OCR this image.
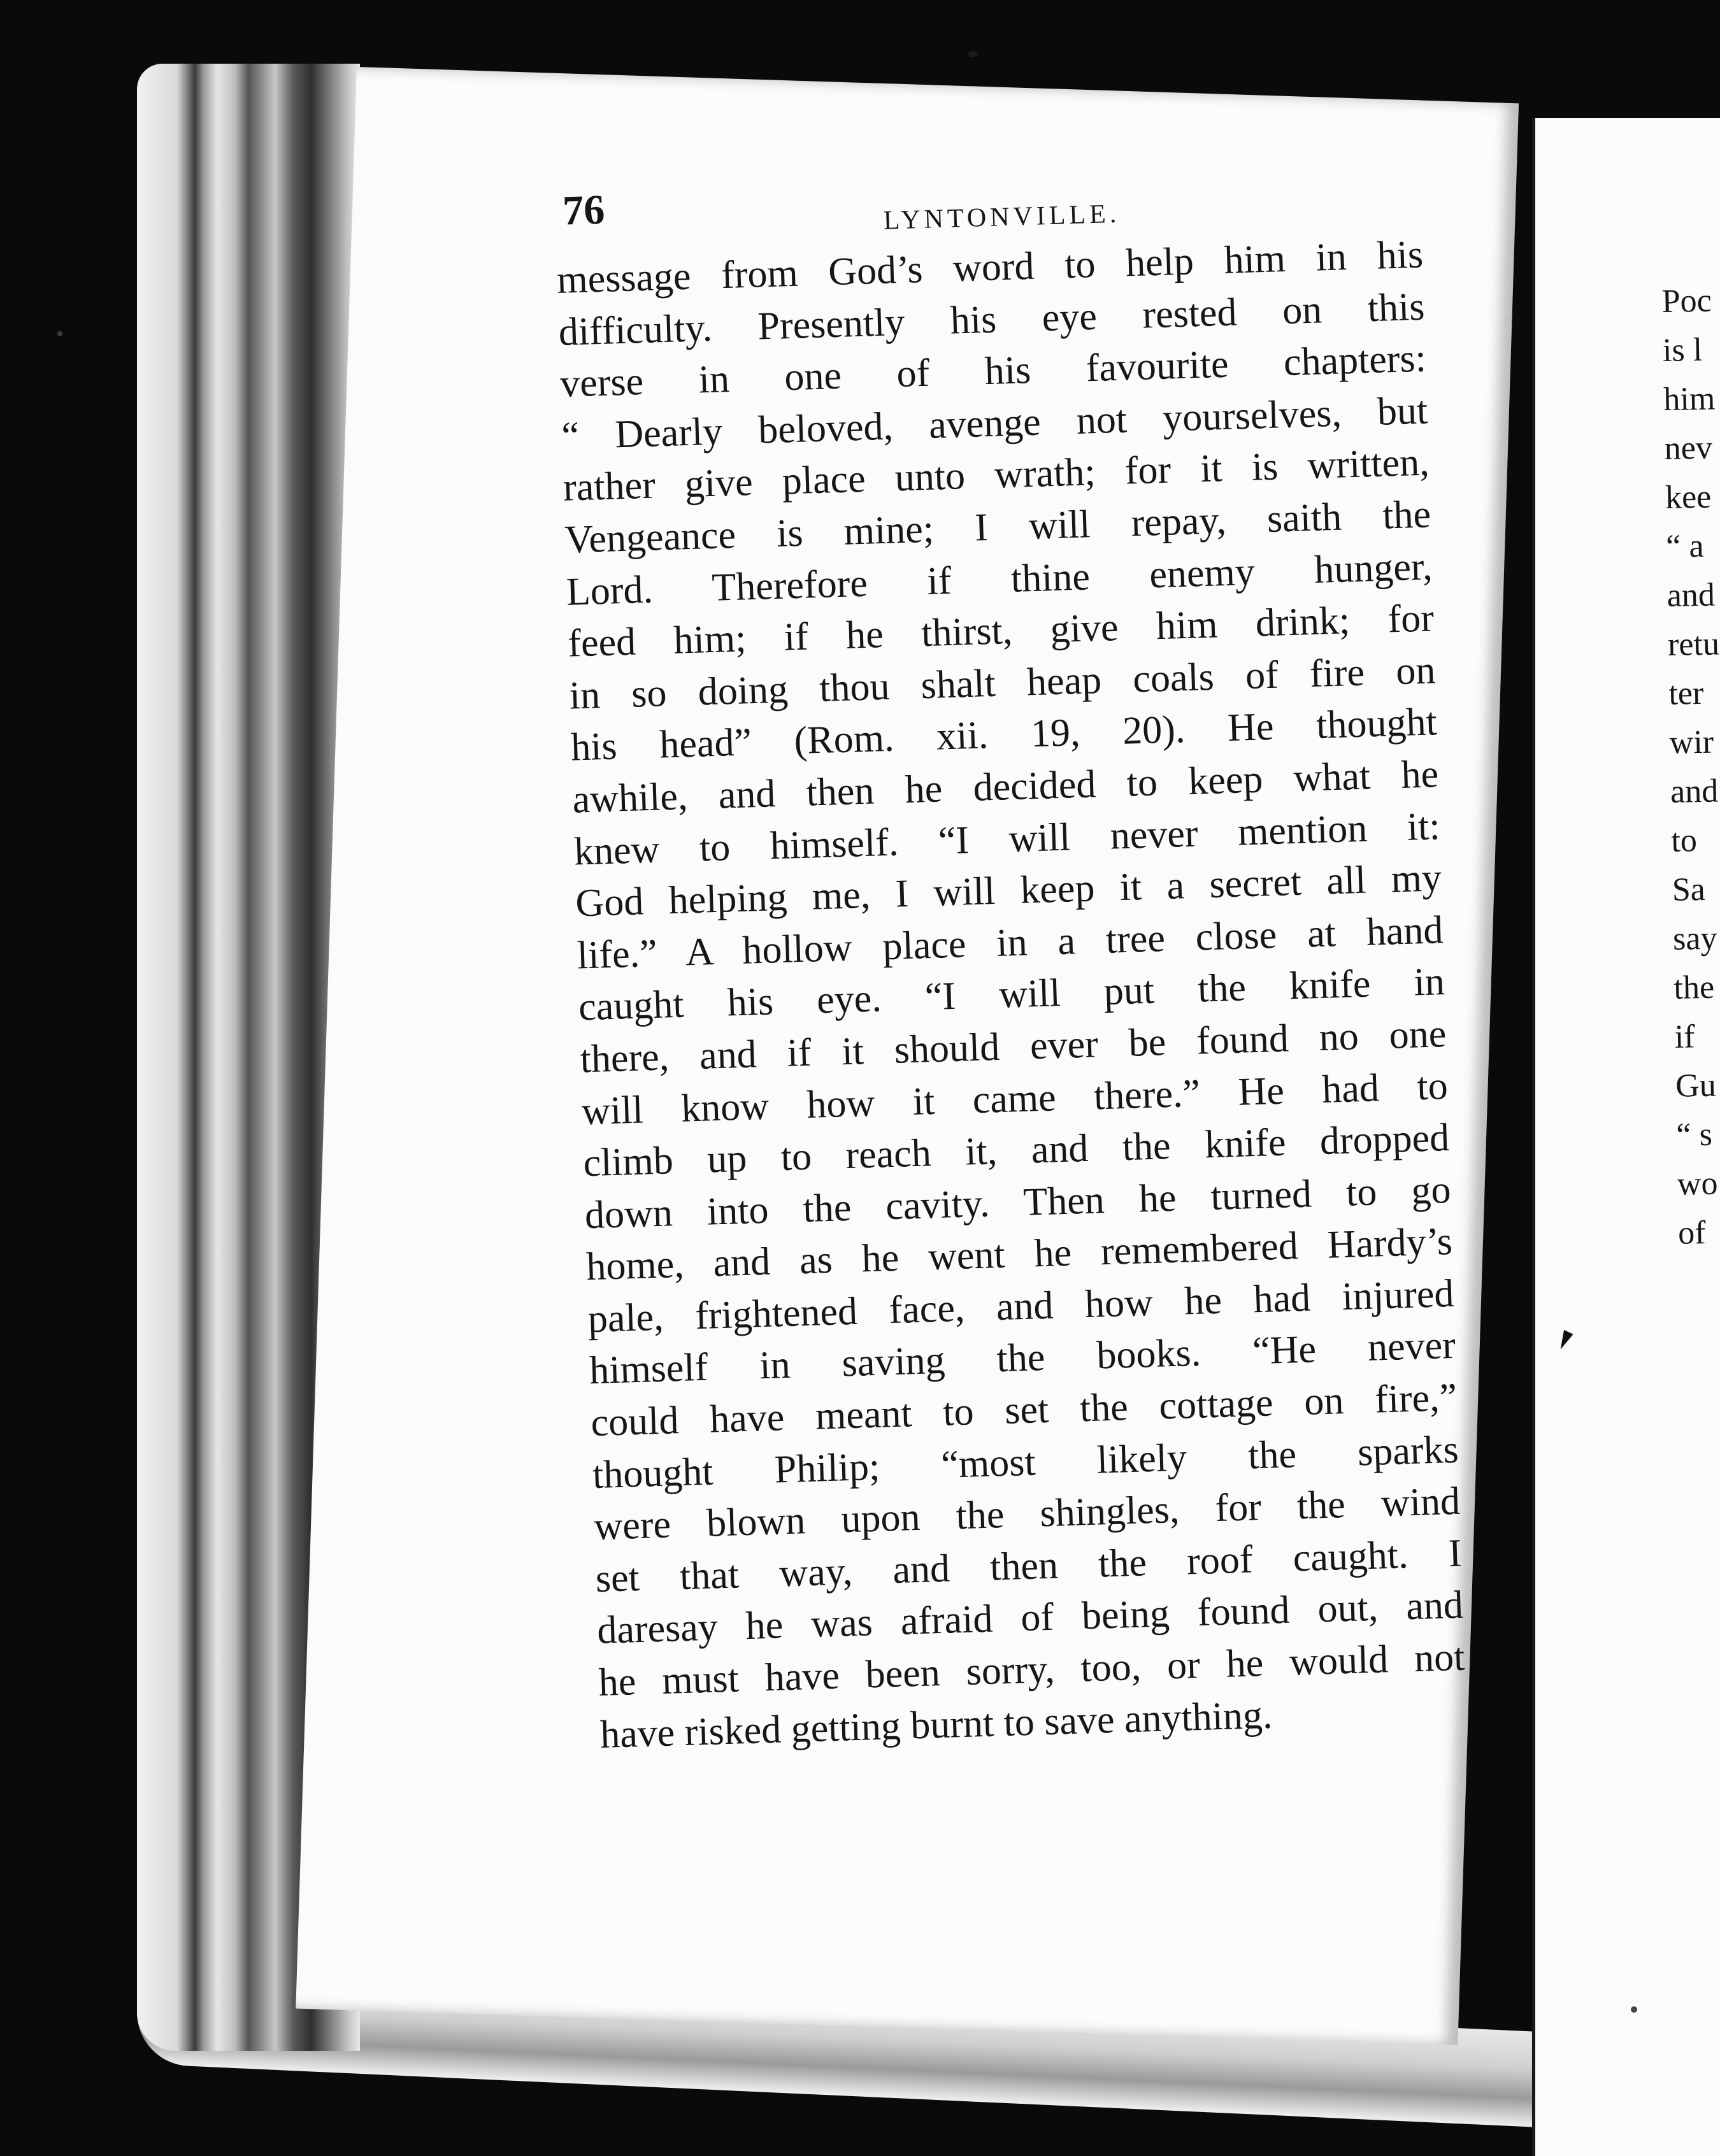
76	LYNTONVILLE.
message from God’s word to help him in his
difficulty. Presently his eye rested on this
verse in one of his favourite chapters:
“ Dearly beloved, avenge not yourselves, but
rather give place unto wrath; for it is written,
Vengeance is mine; I will repay, saith the
Lord. Therefore if thine enemy hunger,
feed him; if he thirst, give him drink; for
in so doing thou shalt heap coals of fire on
his head” (Rom. xii. 19, 20). He thought
awhile, and then he decided to keep what he
knew to himself. “I will never mention it:
God helping me, I will keep it a secret all my
life.” A hollow place in a tree close at hand
caught his eye. “I will put the knife in
there, and if it should ever be found no one
will know how it came there.” He had to
climb up to reach it, and the knife dropped
down into the cavity. Then he turned to go
home, and as he went he remembered Hardy’s
pale, frightened face, and how he had injured
himself in saving the books. “He never
could have meant to set the cottage on fire,”
thought Philip; “most likely the sparks
were blown upon the shingles, for the wind
set that way, and then the roof caught. I
daresay he was afraid of being found out, and
he must have been sorry, too, or he would not
have risked getting burnt to save anything.
Poc
is l
him
nev
kee
“ a
and
retu
ter
wir
and
to
Sa
say
the
if
Gu
“ s
wo
of
